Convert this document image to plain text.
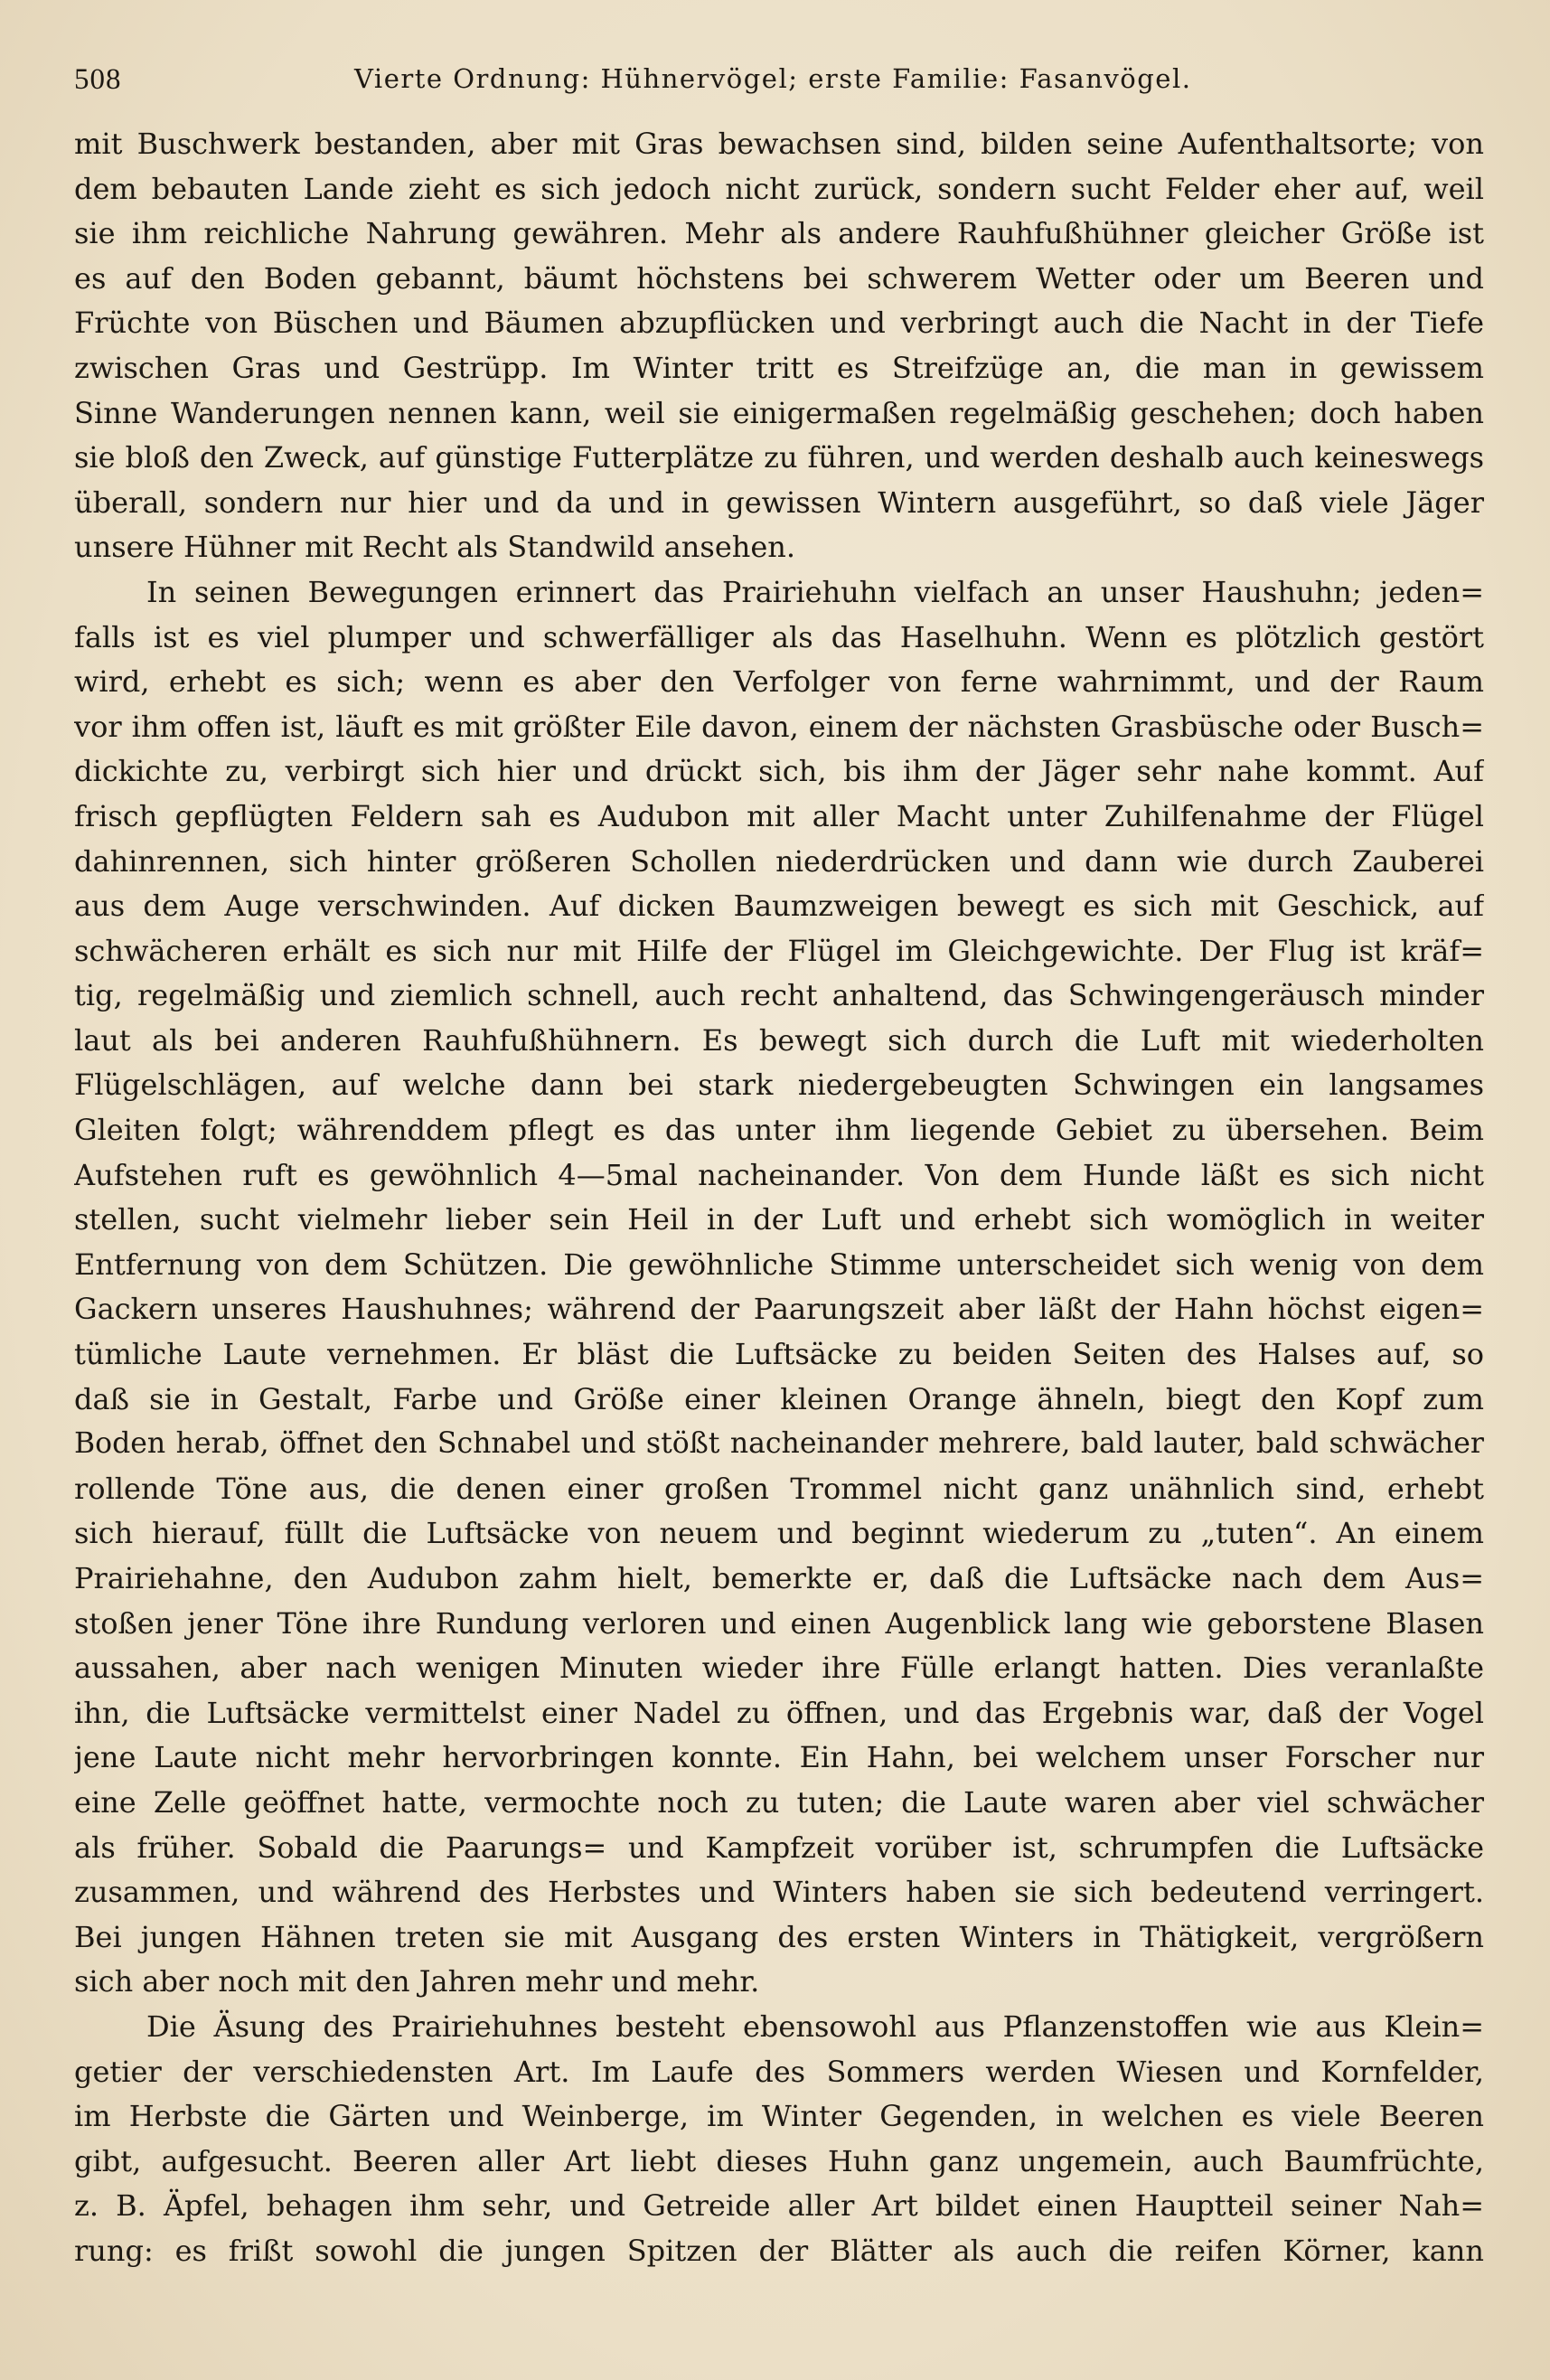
508	Vierte Ordnung: Hühnervögel; erste Familie: Fasanvögel.

mit Buschwerk bestanden, aber mit Gras bewachsen sind, bilden seine Aufenthaltsorte; von
dem bebauten Lande zieht es sich jedoch nicht zurück, sondern sucht Felder eher auf, weil
sie ihm reichliche Nahrung gewähren. Mehr als andere Rauhfußhühner gleicher Größe ist
es auf den Boden gebannt, bäumt höchstens bei schwerem Wetter oder um Beeren und
Früchte von Büschen und Bäumen abzupflücken und verbringt auch die Nacht in der Tiefe
zwischen Gras und Gestrüpp. Im Winter tritt es Streifzüge an, die man in gewissem
Sinne Wanderungen nennen kann, weil sie einigermaßen regelmäßig geschehen; doch haben
sie bloß den Zweck, auf günstige Futterplätze zu führen, und werden deshalb auch keineswegs
überall, sondern nur hier und da und in gewissen Wintern ausgeführt, so daß viele Jäger
unsere Hühner mit Recht als Standwild ansehen.

In seinen Bewegungen erinnert das Prairiehuhn vielfach an unser Haushuhn; jeden=
falls ist es viel plumper und schwerfälliger als das Haselhuhn. Wenn es plötzlich gestört
wird, erhebt es sich; wenn es aber den Verfolger von ferne wahrnimmt, und der Raum
vor ihm offen ist, läuft es mit größter Eile davon, einem der nächsten Grasbüsche oder Busch=
dickichte zu, verbirgt sich hier und drückt sich, bis ihm der Jäger sehr nahe kommt. Auf
frisch gepflügten Feldern sah es Audubon mit aller Macht unter Zuhilfenahme der Flügel
dahinrennen, sich hinter größeren Schollen niederdrücken und dann wie durch Zauberei
aus dem Auge verschwinden. Auf dicken Baumzweigen bewegt es sich mit Geschick, auf
schwächeren erhält es sich nur mit Hilfe der Flügel im Gleichgewichte. Der Flug ist kräf=
tig, regelmäßig und ziemlich schnell, auch recht anhaltend, das Schwingengeräusch minder
laut als bei anderen Rauhfußhühnern. Es bewegt sich durch die Luft mit wiederholten
Flügelschlägen, auf welche dann bei stark niedergebeugten Schwingen ein langsames
Gleiten folgt; währenddem pflegt es das unter ihm liegende Gebiet zu übersehen. Beim
Aufstehen ruft es gewöhnlich 4—5mal nacheinander. Von dem Hunde läßt es sich nicht
stellen, sucht vielmehr lieber sein Heil in der Luft und erhebt sich womöglich in weiter
Entfernung von dem Schützen. Die gewöhnliche Stimme unterscheidet sich wenig von dem
Gackern unseres Haushuhnes; während der Paarungszeit aber läßt der Hahn höchst eigen=
tümliche Laute vernehmen. Er bläst die Luftsäcke zu beiden Seiten des Halses auf, so
daß sie in Gestalt, Farbe und Größe einer kleinen Orange ähneln, biegt den Kopf zum
Boden herab, öffnet den Schnabel und stößt nacheinander mehrere, bald lauter, bald schwächer
rollende Töne aus, die denen einer großen Trommel nicht ganz unähnlich sind, erhebt
sich hierauf, füllt die Luftsäcke von neuem und beginnt wiederum zu „tuten“. An einem
Prairiehahne, den Audubon zahm hielt, bemerkte er, daß die Luftsäcke nach dem Aus=
stoßen jener Töne ihre Rundung verloren und einen Augenblick lang wie geborstene Blasen
aussahen, aber nach wenigen Minuten wieder ihre Fülle erlangt hatten. Dies veranlaßte
ihn, die Luftsäcke vermittelst einer Nadel zu öffnen, und das Ergebnis war, daß der Vogel
jene Laute nicht mehr hervorbringen konnte. Ein Hahn, bei welchem unser Forscher nur
eine Zelle geöffnet hatte, vermochte noch zu tuten; die Laute waren aber viel schwächer
als früher. Sobald die Paarungs= und Kampfzeit vorüber ist, schrumpfen die Luftsäcke
zusammen, und während des Herbstes und Winters haben sie sich bedeutend verringert.
Bei jungen Hähnen treten sie mit Ausgang des ersten Winters in Thätigkeit, vergrößern
sich aber noch mit den Jahren mehr und mehr.

Die Äsung des Prairiehuhnes besteht ebensowohl aus Pflanzenstoffen wie aus Klein=
getier der verschiedensten Art. Im Laufe des Sommers werden Wiesen und Kornfelder,
im Herbste die Gärten und Weinberge, im Winter Gegenden, in welchen es viele Beeren
gibt, aufgesucht. Beeren aller Art liebt dieses Huhn ganz ungemein, auch Baumfrüchte,
z. B. Äpfel, behagen ihm sehr, und Getreide aller Art bildet einen Hauptteil seiner Nah=
rung: es frißt sowohl die jungen Spitzen der Blätter als auch die reifen Körner, kann
